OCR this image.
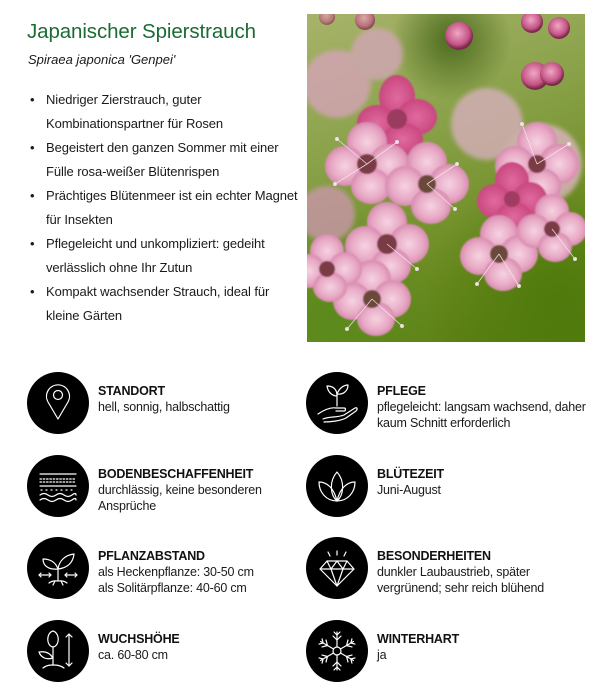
Japanischer Spierstrauch
Spiraea japonica 'Genpei'
• Niedriger Zierstrauch, guter Kombinationspartner für Rosen
• Begeistert den ganzen Sommer mit einer Fülle rosa-weißer Blütenrispen
• Prächtiges Blütenmeer ist ein echter Magnet für Insekten
• Pflegeleicht und unkompliziert: gedeiht verlässlich ohne Ihr Zutun
• Kompakt wachsender Strauch, ideal für kleine Gärten
STANDORT
hell, sonnig, halbschattig
PFLEGE
pflegeleicht: langsam wachsend, daher kaum Schnitt erforderlich
BODENBESCHAFFENHEIT
durchlässig, keine besonderen Ansprüche
BLÜTEZEIT
Juni-August
PFLANZABSTAND
als Heckenpflanze: 30-50 cm
als Solitärpflanze: 40-60 cm
BESONDERHEITEN
dunkler Laubaustrieb, später vergrünend; sehr reich blühend
WUCHSHÖHE
ca. 60-80 cm
WINTERHART
ja
